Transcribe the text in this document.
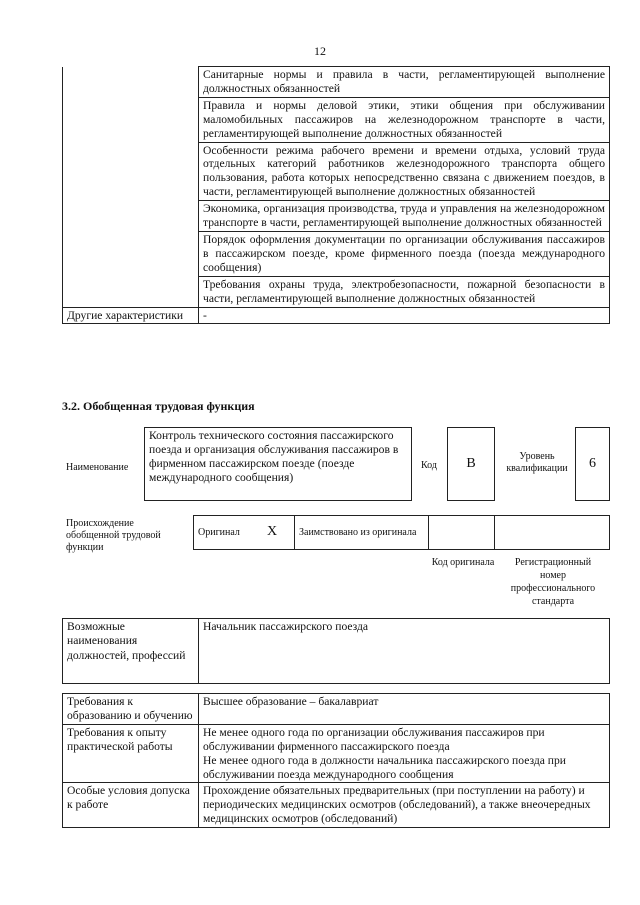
12
	Санитарные нормы и правила в части, регламентирующей выполнение должностных обязанностей
	Правила и нормы деловой этики, этики общения при обслуживании маломобильных пассажиров на железнодорожном транспорте в части, регламентирующей выполнение должностных обязанностей
	Особенности режима рабочего времени и времени отдыха, условий труда отдельных категорий работников железнодорожного транспорта общего пользования, работа которых непосредственно связана с движением поездов, в части, регламентирующей выполнение должностных обязанностей
	Экономика, организация производства, труда и управления на железнодорожном транспорте в части, регламентирующей выполнение должностных обязанностей
	Порядок оформления документации по организации обслуживания пассажиров в пассажирском поезде, кроме фирменного поезда (поезда международного сообщения)
	Требования охраны труда, электробезопасности, пожарной безопасности в части, регламентирующей выполнение должностных обязанностей
Другие характеристики	-
3.2. Обобщенная трудовая функция
Наименование
Контроль технического состояния пассажирского поезда и организация обслуживания пассажиров в фирменном пассажирском поезде (поезде международного сообщения)
Код	B	Уровень квалификации	6
Происхождение обобщенной трудовой функции
Оригинал X	Заимствовано из оригинала		
Код оригинала	Регистрационный номер профессионального стандарта
Возможные наименования должностей, профессий	Начальник пассажирского поезда
Требования к образованию и обучению	Высшее образование – бакалавриат
Требования к опыту практической работы	Не менее одного года по организации обслуживания пассажиров при обслуживании фирменного пассажирского поезда
Не менее одного года в должности начальника пассажирского поезда при обслуживании поезда международного сообщения

Особые условия допуска к работе	Прохождение обязательных предварительных (при поступлении на работу) и периодических медицинских осмотров (обследований), а также внеочередных медицинских осмотров (обследований)
